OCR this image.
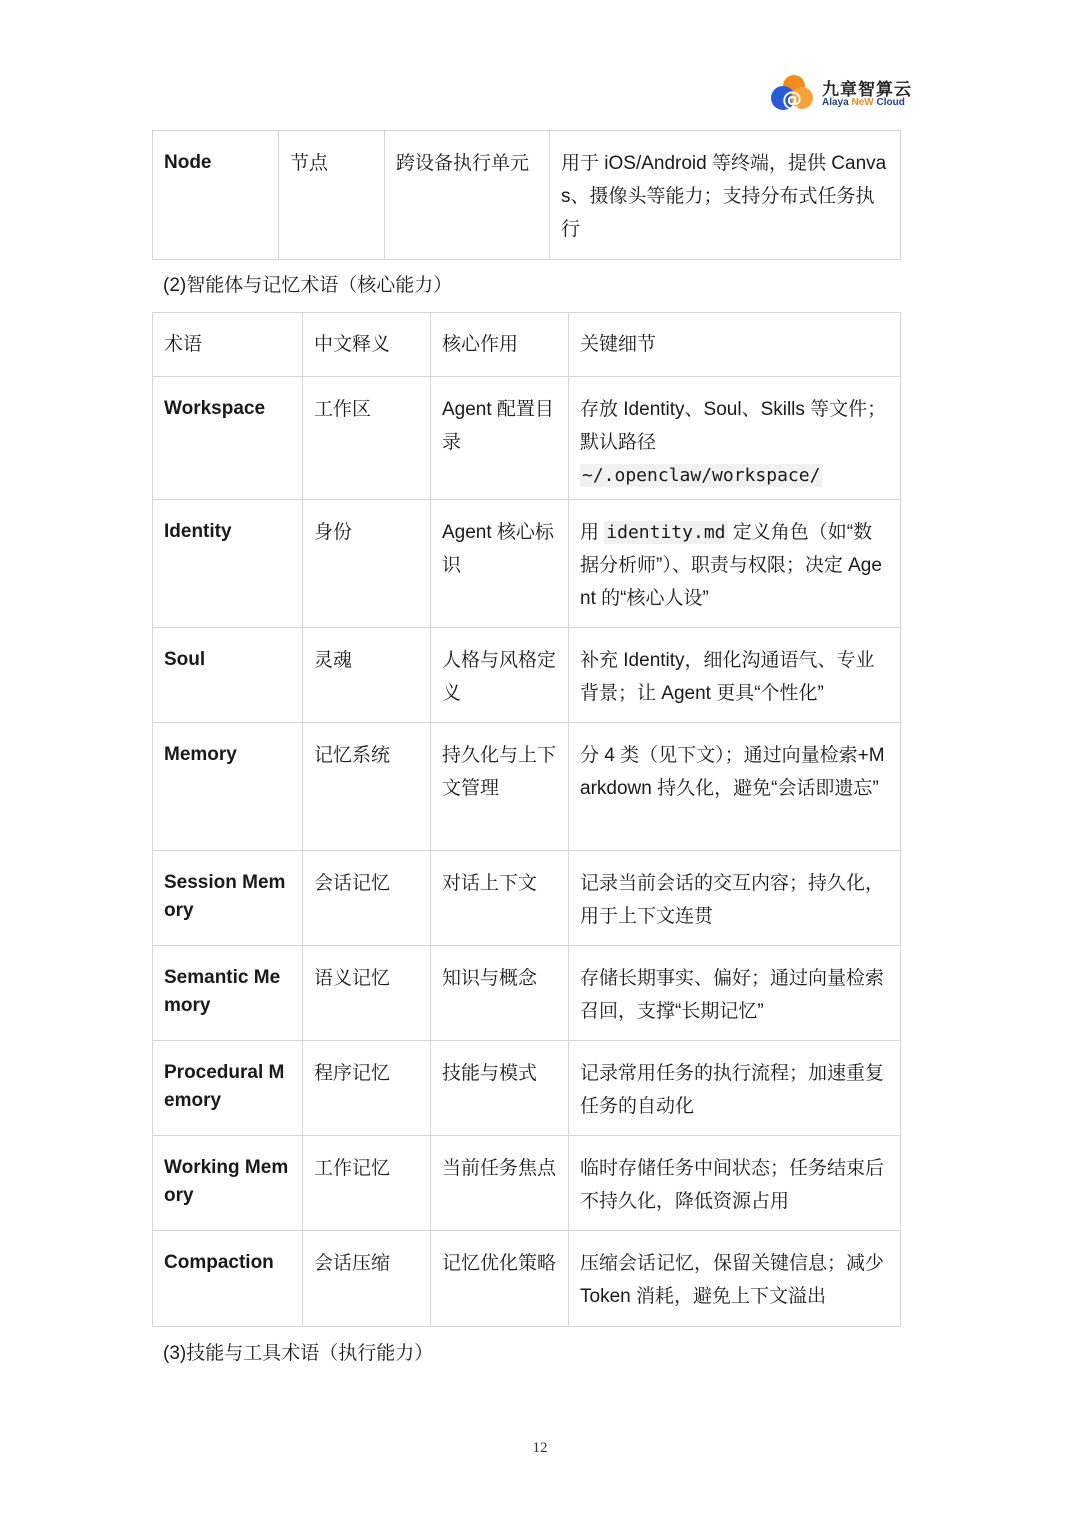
@ 九章智算云
Alaya NeW Cloud
Node	节点	跨设备执行单元	用于 iOS/Android 等终端，提供 Canvas、摄像头等能力；支持分布式任务执行
(2)智能体与记忆术语（核心能力）
术语	中文释义	核心作用	关键细节
Workspace	工作区	Agent 配置目录	存放 Identity、Soul、Skills 等文件；默认路径
~/.openclaw/workspace/
Identity	身份	Agent 核心标识	用 identity.md 定义角色（如“数据分析师”）、职责与权限；决定 Agent 的“核心人设”
Soul	灵魂	人格与风格定义	补充 Identity，细化沟通语气、专业背景；让 Agent 更具“个性化”
Memory	记忆系统	持久化与上下文管理	分 4 类（见下文）；通过向量检索+Markdown 持久化，避免“会话即遗忘”
Session Memory	会话记忆	对话上下文	记录当前会话的交互内容；持久化，用于上下文连贯
Semantic Memory	语义记忆	知识与概念	存储长期事实、偏好；通过向量检索召回，支撑“长期记忆”
Procedural Memory	程序记忆	技能与模式	记录常用任务的执行流程；加速重复任务的自动化
Working Memory	工作记忆	当前任务焦点	临时存储任务中间状态；任务结束后不持久化，降低资源占用
Compaction	会话压缩	记忆优化策略	压缩会话记忆，保留关键信息；减少 Token 消耗，避免上下文溢出
(3)技能与工具术语（执行能力）
12
